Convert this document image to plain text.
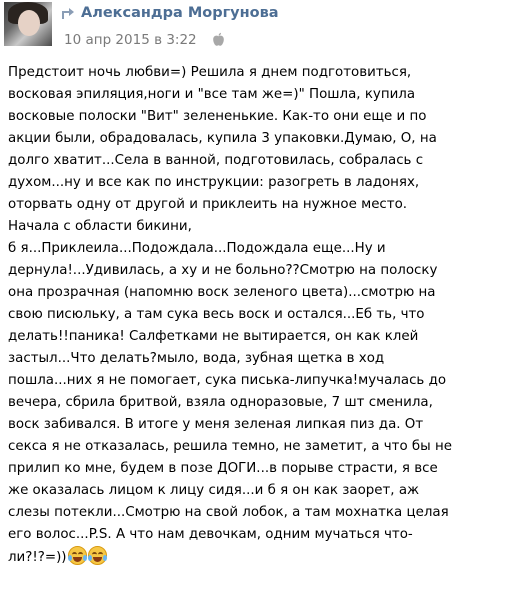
Александра Моргунова
10 апр 2015 в 3:22
Предстоит ночь любви=) Решила я днем подготовиться,
восковая эпиляция,ноги и "все там же=)" Пошла, купила
восковые полоски "Вит" зелененькие. Как-то они еще и по
акции были, обрадовалась, купила 3 упаковки.Думаю, О, на
долго хватит...Села в ванной, подготовилась, собралась с
духом...ну и все как по инструкции: разогреть в ладонях,
оторвать одну от другой и приклеить на нужное место.
Начала с области бикини,
б я...Приклеила...Подождала...Подождала еще...Ну и
дернула!...Удивилась, а ху и не больно??Смотрю на полоску
она прозрачная (напомню воск зеленого цвета)...смотрю на
свою писюльку, а там сука весь воск и остался...Еб ть, что
делать!!паника! Салфетками не вытирается, он как клей
застыл...Что делать?мыло, вода, зубная щетка в ход
пошла...них я не помогает, сука писька-липучка!мучалась до
вечера, сбрила бритвой, взяла одноразовые, 7 шт сменила,
воск забивался. В итоге у меня зеленая липкая пиз да. От
секса я не отказалась, решила темно, не заметит, а что бы не
прилип ко мне, будем в позе ДОГИ...в порыве страсти, я все
же оказалась лицом к лицу сидя...и б я он как заорет, аж
слезы потекли...Смотрю на свой лобок, а там мохнатка целая
его волос...P.S. А что нам девочкам, одним мучаться что-
ли?!?=))
